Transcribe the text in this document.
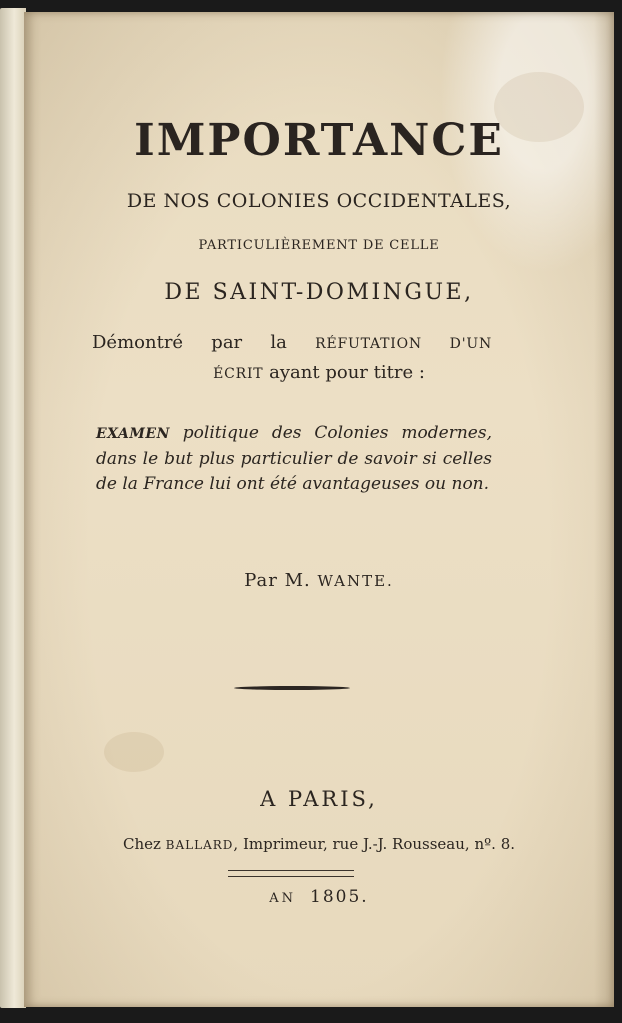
IMPORTANCE
DE NOS COLONIES OCCIDENTALES,
PARTICULIÈREMENT DE CELLE
DE SAINT-DOMINGUE,
Démontré par la RÉFUTATION D'UN
ÉCRIT ayant pour titre :
EXAMEN politique des Colonies modernes, dans le but plus particulier de savoir si celles de la France lui ont été avantageuses ou non.
Par M. WANTE.
A PARIS,
Chez BALLARD, Imprimeur, rue J.-J. Rousseau, nº. 8.
AN 1805.
